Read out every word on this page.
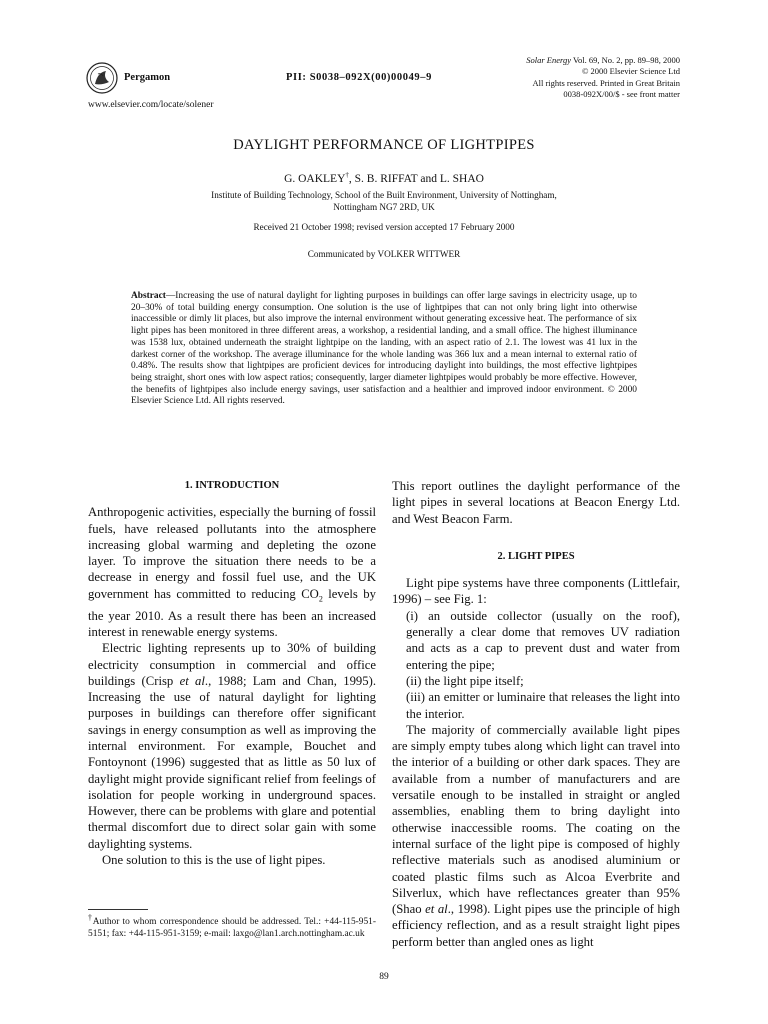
Pergamon
www.elsevier.com/locate/solener
PII: S0038–092X(00)00049–9
Solar Energy Vol. 69, No. 2, pp. 89–98, 2000
© 2000 Elsevier Science Ltd
All rights reserved. Printed in Great Britain
0038-092X/00/$ - see front matter
DAYLIGHT PERFORMANCE OF LIGHTPIPES
G. OAKLEY†, S. B. RIFFAT and L. SHAO
Institute of Building Technology, School of the Built Environment, University of Nottingham,
Nottingham NG7 2RD, UK
Received 21 October 1998; revised version accepted 17 February 2000
Communicated by VOLKER WITTWER
Abstract—Increasing the use of natural daylight for lighting purposes in buildings can offer large savings in electricity usage, up to 20–30% of total building energy consumption. One solution is the use of lightpipes that can not only bring light into otherwise inaccessible or dimly lit places, but also improve the internal environment without generating excessive heat. The performance of six light pipes has been monitored in three different areas, a workshop, a residential landing, and a small office. The highest illuminance was 1538 lux, obtained underneath the straight lightpipe on the landing, with an aspect ratio of 2.1. The lowest was 41 lux in the darkest corner of the workshop. The average illuminance for the whole landing was 366 lux and a mean internal to external ratio of 0.48%. The results show that lightpipes are proficient devices for introducing daylight into buildings, the most effective lightpipes being straight, short ones with low aspect ratios; consequently, larger diameter lightpipes would probably be more effective. However, the benefits of lightpipes also include energy savings, user satisfaction and a healthier and improved indoor environment. © 2000 Elsevier Science Ltd. All rights reserved.
1. INTRODUCTION

Anthropogenic activities, especially the burning of fossil fuels, have released pollutants into the atmosphere increasing global warming and depleting the ozone layer. To improve the situation there needs to be a decrease in energy and fossil fuel use, and the UK government has committed to reducing $CO_2$ levels by the year 2010. As a result there has been an increased interest in renewable energy systems.

Electric lighting represents up to 30% of building electricity consumption in commercial and office buildings (Crisp et al., 1988; Lam and Chan, 1995). Increasing the use of natural daylight for lighting purposes in buildings can therefore offer significant savings in energy consumption as well as improving the internal environment. For example, Bouchet and Fontoynont (1996) suggested that as little as 50 lux of daylight might provide significant relief from feelings of isolation for people working in underground spaces. However, there can be problems with glare and potential thermal discomfort due to direct solar gain with some daylighting systems.

One solution to this is the use of light pipes.

†Author to whom correspondence should be addressed. Tel.: +44-115-951-5151; fax: +44-115-951-3159; e-mail: laxgo@lan1.arch.nottingham.ac.uk

This report outlines the daylight performance of the light pipes in several locations at Beacon Energy Ltd. and West Beacon Farm.

2. LIGHT PIPES

Light pipe systems have three components (Littlefair, 1996) – see Fig. 1:

(i) an outside collector (usually on the roof), generally a clear dome that removes UV radiation and acts as a cap to prevent dust and water from entering the pipe;

(ii) the light pipe itself;

(iii) an emitter or luminaire that releases the light into the interior.

The majority of commercially available light pipes are simply empty tubes along which light can travel into the interior of a building or other dark spaces. They are available from a number of manufacturers and are versatile enough to be installed in straight or angled assemblies, enabling them to bring daylight into otherwise inaccessible rooms. The coating on the internal surface of the light pipe is composed of highly reflective materials such as anodised aluminium or coated plastic films such as Alcoa Everbrite and Silverlux, which have reflectances greater than 95% (Shao et al., 1998). Light pipes use the principle of high efficiency reflection, and as a result straight light pipes perform better than angled ones as light

89
